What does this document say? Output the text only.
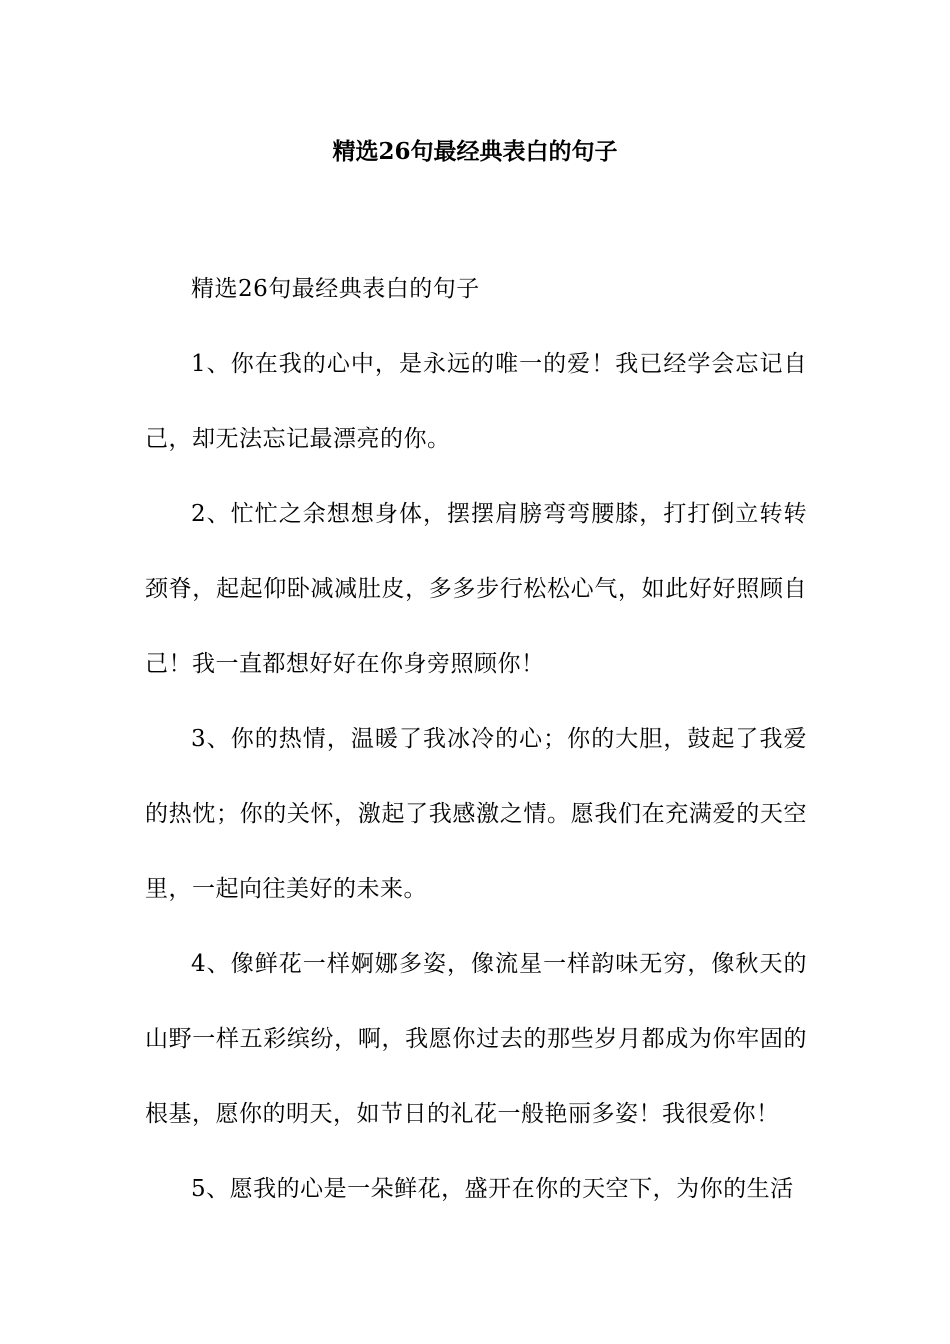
精选26句最经典表白的句子

精选26句最经典表白的句子

1、你在我的心中，是永远的唯一的爱！我已经学会忘记自己，却无法忘记最漂亮的你。

2、忙忙之余想想身体，摆摆肩膀弯弯腰膝，打打倒立转转颈脊，起起仰卧减减肚皮，多多步行松松心气，如此好好照顾自己！我一直都想好好在你身旁照顾你！

3、你的热情，温暖了我冰冷的心；你的大胆，鼓起了我爱的热忱；你的关怀，激起了我感激之情。愿我们在充满爱的天空里，一起向往美好的未来。

4、像鲜花一样婀娜多姿，像流星一样韵味无穷，像秋天的山野一样五彩缤纷，啊，我愿你过去的那些岁月都成为你牢固的根基，愿你的明天，如节日的礼花一般艳丽多姿！我很爱你！

5、愿我的心是一朵鲜花，盛开在你的天空下，为你的生活
